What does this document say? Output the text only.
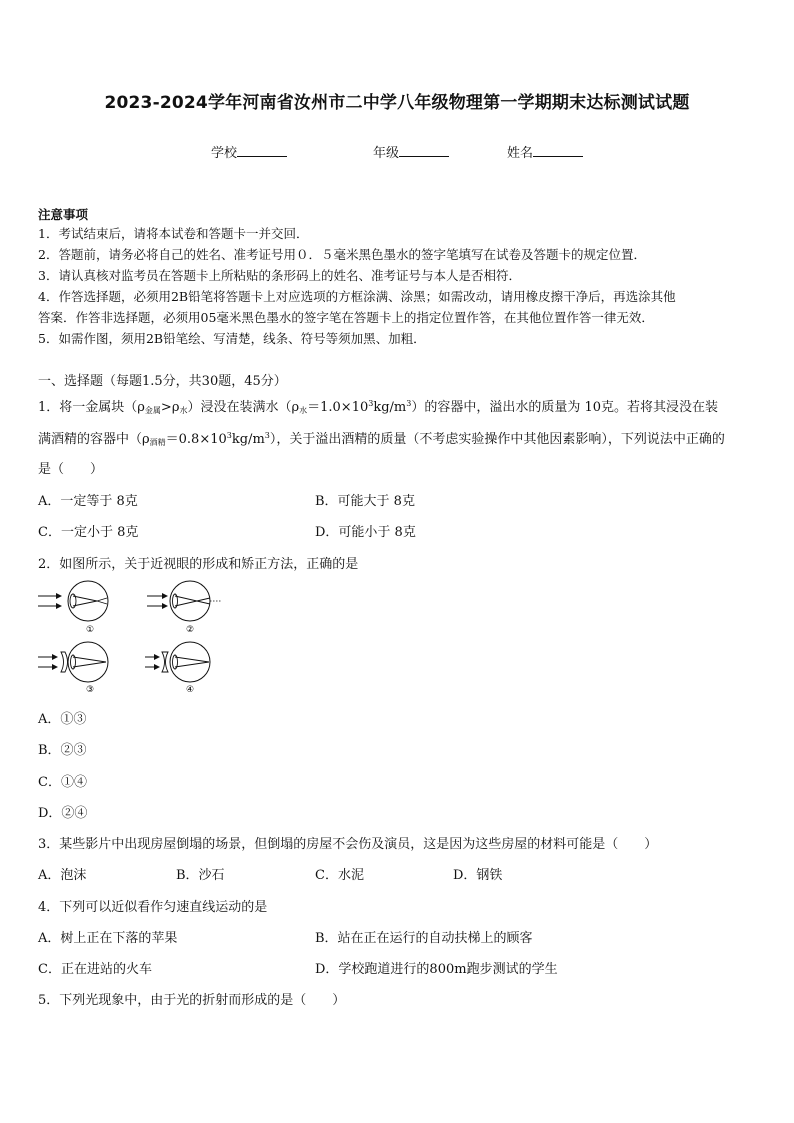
2023-2024学年河南省汝州市二中学八年级物理第一学期期末达标测试试题
学校	年级	姓名
注意事项
1．考试结束后，请将本试卷和答题卡一并交回．
2．答题前，请务必将自己的姓名、准考证号用０．５毫米黑色墨水的签字笔填写在试卷及答题卡的规定位置．
3．请认真核对监考员在答题卡上所粘贴的条形码上的姓名、准考证号与本人是否相符．
4．作答选择题，必须用2B铅笔将答题卡上对应选项的方框涂满、涂黑；如需改动，请用橡皮擦干净后，再选涂其他
答案．作答非选择题，必须用05毫米黑色墨水的签字笔在答题卡上的指定位置作答，在其他位置作答一律无效．
5．如需作图，须用2B铅笔绘、写清楚，线条、符号等须加黑、加粗．
一、选择题（每题1.5分，共30题，45分）
1．将一金属块$(\rho_{金属}>\rho_水)$浸没在装满水$(\rho_水=1.0\times 10^3kg/m^3)$的容器中，溢出水的质量为 10克。若将其浸没在装
满酒精的容器中$(\rho_{酒精}=0.8\times 10^3kg/m^3)$，关于溢出酒精的质量（不考虑实验操作中其他因素影响），下列说法中正确的
是（　　）
A．一定等于 8克	B．可能大于 8克
C．一定小于 8克	D．可能小于 8克
2．如图所示，关于近视眼的形成和矫正方法，正确的是
①	②
③	④
A．①③
B．②③
C．①④
D．②④
3．某些影片中出现房屋倒塌的场景，但倒塌的房屋不会伤及演员，这是因为这些房屋的材料可能是（　　）
A．泡沫	B．沙石	C．水泥	D．钢铁
4．下列可以近似看作匀速直线运动的是
A．树上正在下落的苹果	B．站在正在运行的自动扶梯上的顾客
C．正在进站的火车	D．学校跑道进行的800m跑步测试的学生
5．下列光现象中，由于光的折射而形成的是（　　）
